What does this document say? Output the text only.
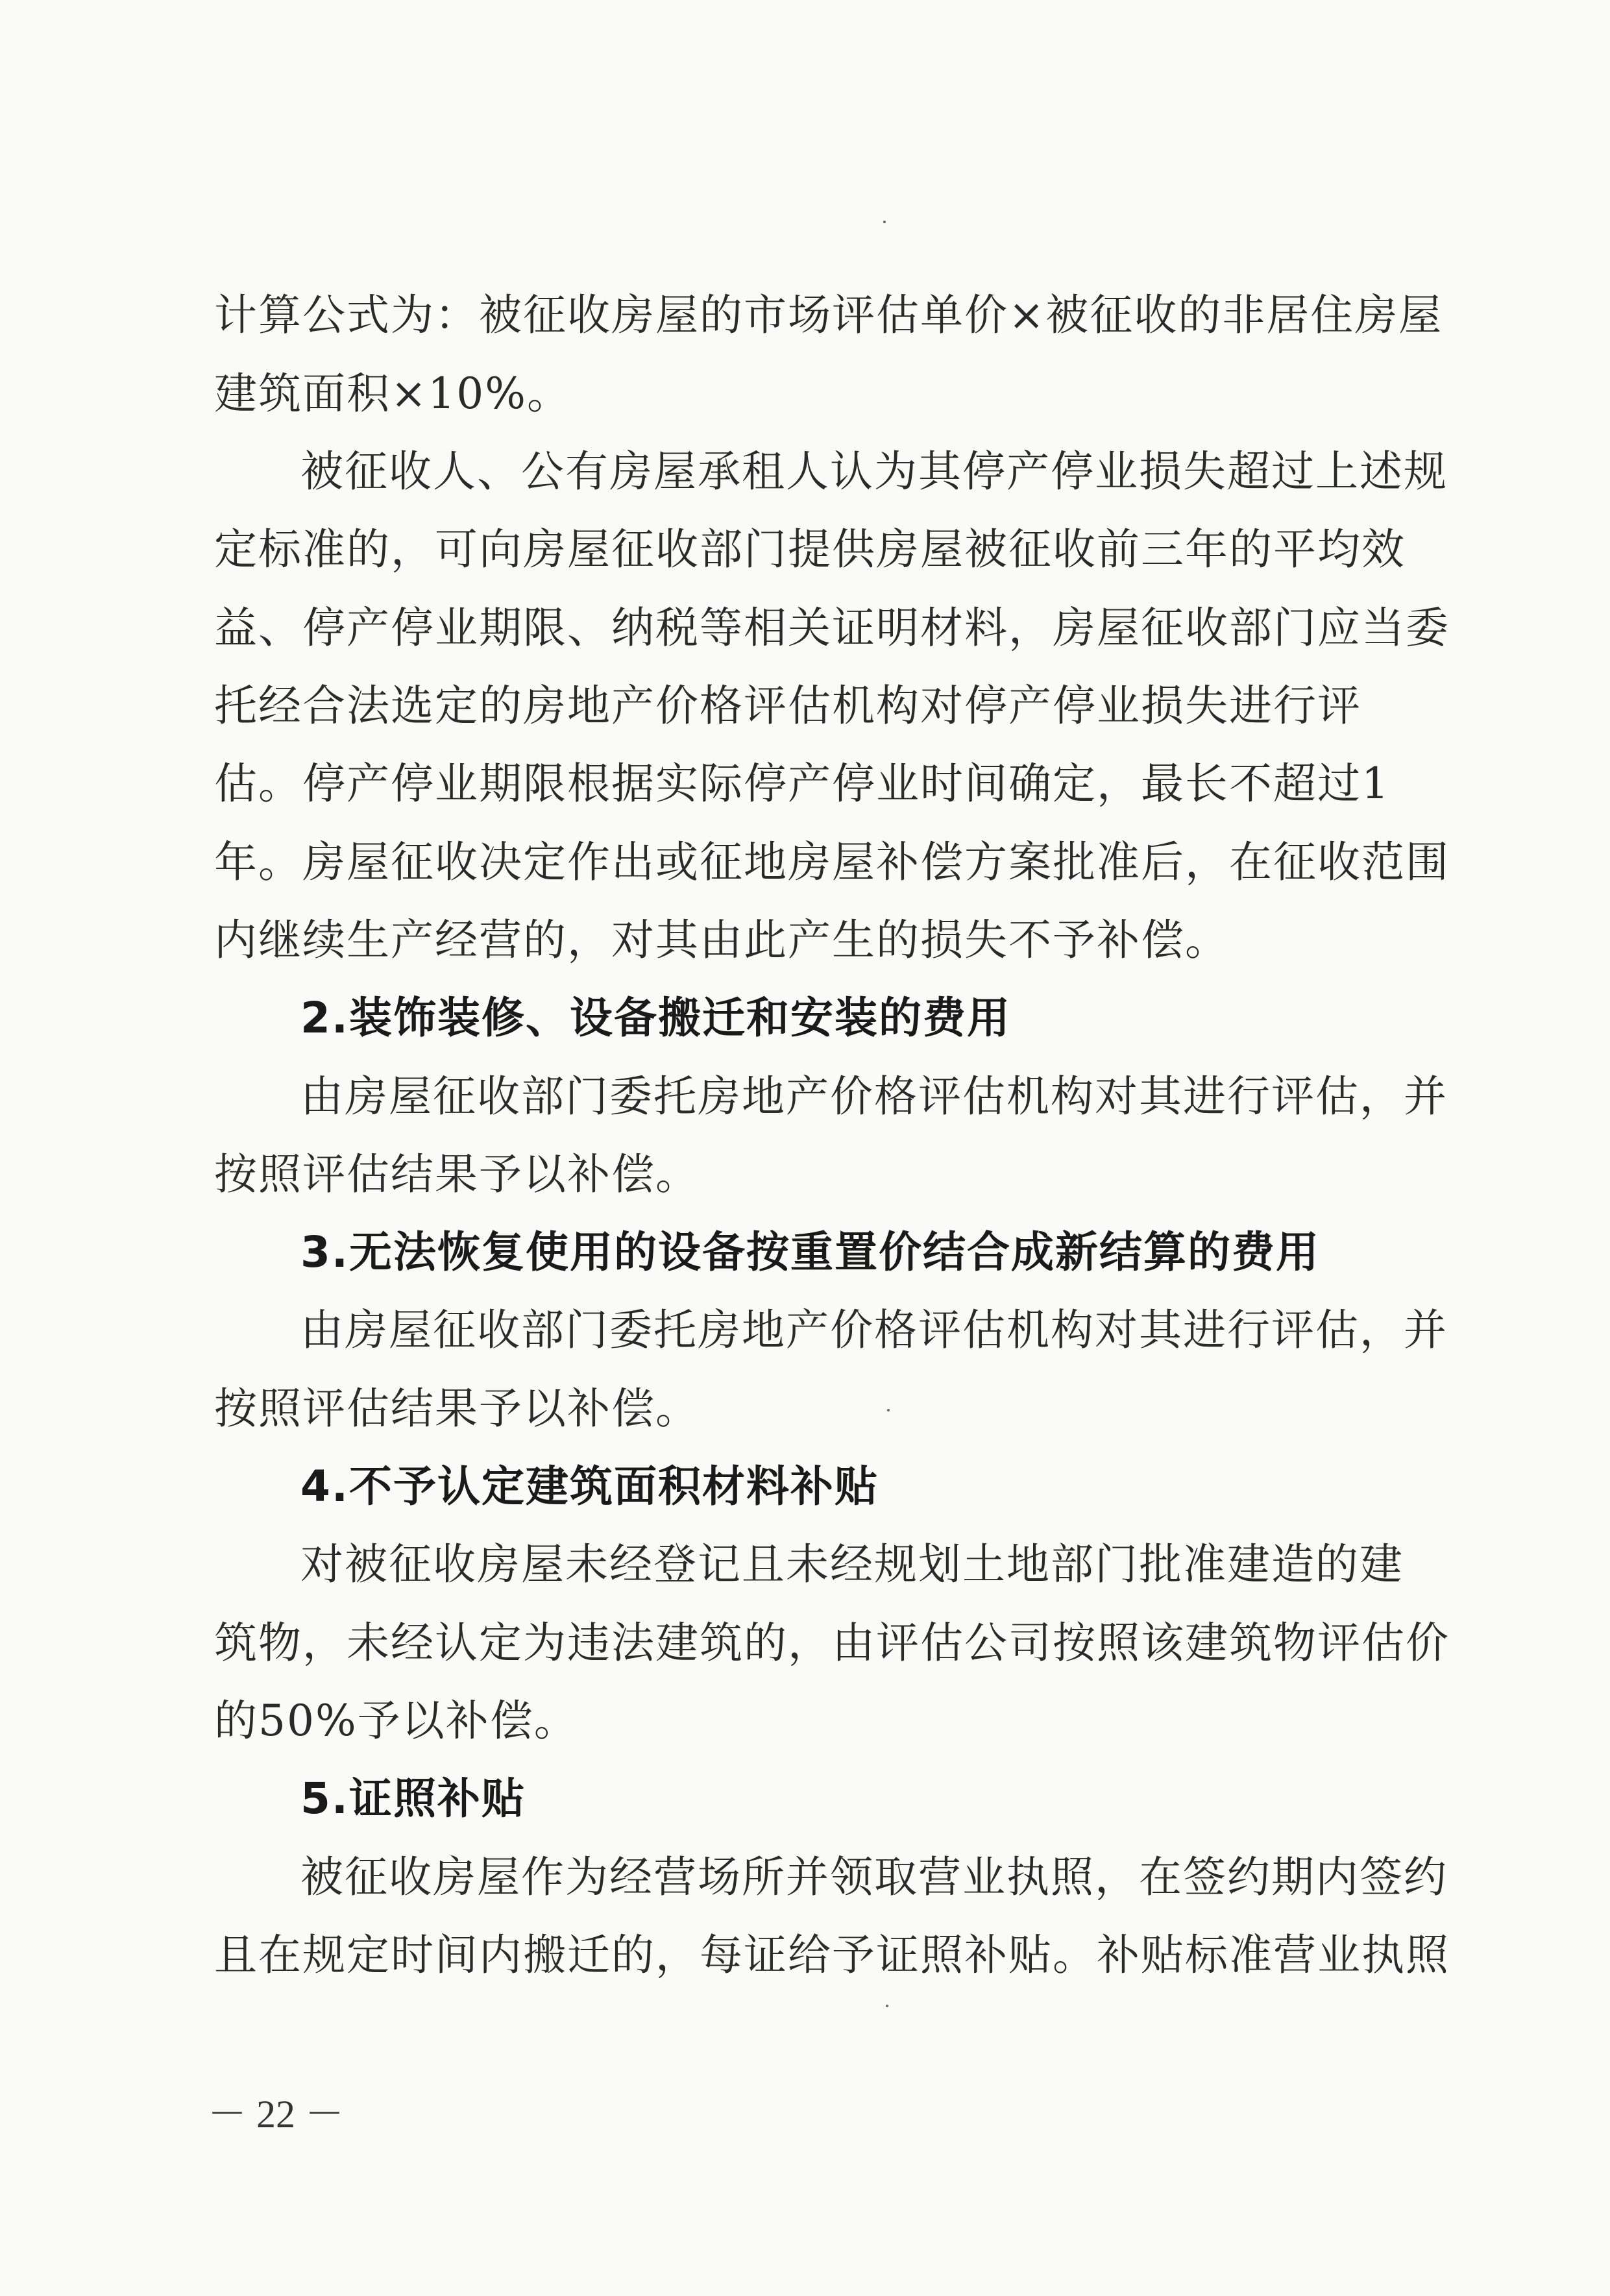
计算公式为：被征收房屋的市场评估单价×被征收的非居住房屋
建筑面积×10%。
被征收人、公有房屋承租人认为其停产停业损失超过上述规
定标准的，可向房屋征收部门提供房屋被征收前三年的平均效
益、停产停业期限、纳税等相关证明材料，房屋征收部门应当委
托经合法选定的房地产价格评估机构对停产停业损失进行评
估。停产停业期限根据实际停产停业时间确定，最长不超过1
年。房屋征收决定作出或征地房屋补偿方案批准后，在征收范围
内继续生产经营的，对其由此产生的损失不予补偿。
2.装饰装修、设备搬迁和安装的费用
由房屋征收部门委托房地产价格评估机构对其进行评估，并
按照评估结果予以补偿。
3.无法恢复使用的设备按重置价结合成新结算的费用
由房屋征收部门委托房地产价格评估机构对其进行评估，并
按照评估结果予以补偿。
4.不予认定建筑面积材料补贴
对被征收房屋未经登记且未经规划土地部门批准建造的建
筑物，未经认定为违法建筑的，由评估公司按照该建筑物评估价
的50%予以补偿。
5.证照补贴
被征收房屋作为经营场所并领取营业执照，在签约期内签约
且在规定时间内搬迁的，每证给予证照补贴。补贴标准营业执照
－ 22 －
